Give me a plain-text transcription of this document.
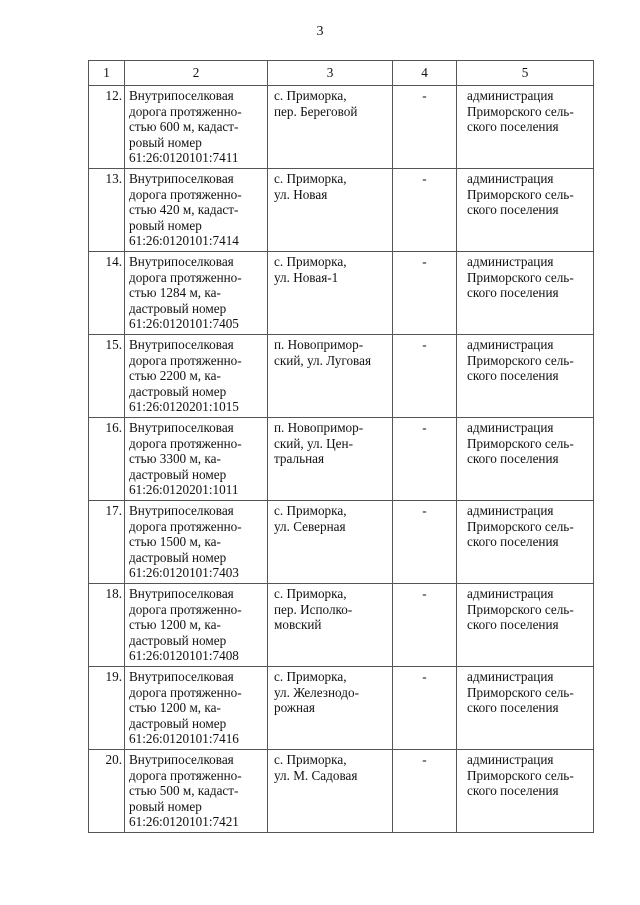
3
1	2	3	4	5
12.	Внутрипоселковая
дорога протяженно-
стью 600 м, кадаст-
ровый номер
61:26:0120101:7411	с. Приморка,
пер. Береговой	-	администрация
Приморского сель-
ского поселения

13.	Внутрипоселковая
дорога протяженно-
стью 420 м, кадаст-
ровый номер
61:26:0120101:7414	с. Приморка,
ул. Новая	-	администрация
Приморского сель-
ского поселения

14.	Внутрипоселковая
дорога протяженно-
стью 1284 м, ка-
дастровый номер
61:26:0120101:7405	с. Приморка,
ул. Новая-1	-	администрация
Приморского сель-
ского поселения

15.	Внутрипоселковая
дорога протяженно-
стью 2200 м, ка-
дастровый номер
61:26:0120201:1015	п. Новопримор-
ский, ул. Луговая	-	администрация
Приморского сель-
ского поселения

16.	Внутрипоселковая
дорога протяженно-
стью 3300 м, ка-
дастровый номер
61:26:0120201:1011	п. Новопримор-
ский, ул. Цен-
тральная	-	администрация
Приморского сель-
ского поселения

17.	Внутрипоселковая
дорога протяженно-
стью 1500 м, ка-
дастровый номер
61:26:0120101:7403	с. Приморка,
ул. Северная	-	администрация
Приморского сель-
ского поселения

18.	Внутрипоселковая
дорога протяженно-
стью 1200 м, ка-
дастровый номер
61:26:0120101:7408	с. Приморка,
пер. Исполко-
мовский	-	администрация
Приморского сель-
ского поселения

19.	Внутрипоселковая
дорога протяженно-
стью 1200 м, ка-
дастровый номер
61:26:0120101:7416	с. Приморка,
ул. Железнодо-
рожная	-	администрация
Приморского сель-
ского поселения

20.	Внутрипоселковая
дорога протяженно-
стью 500 м, кадаст-
ровый номер
61:26:0120101:7421	с. Приморка,
ул. М. Садовая	-	администрация
Приморского сель-
ского поселения
